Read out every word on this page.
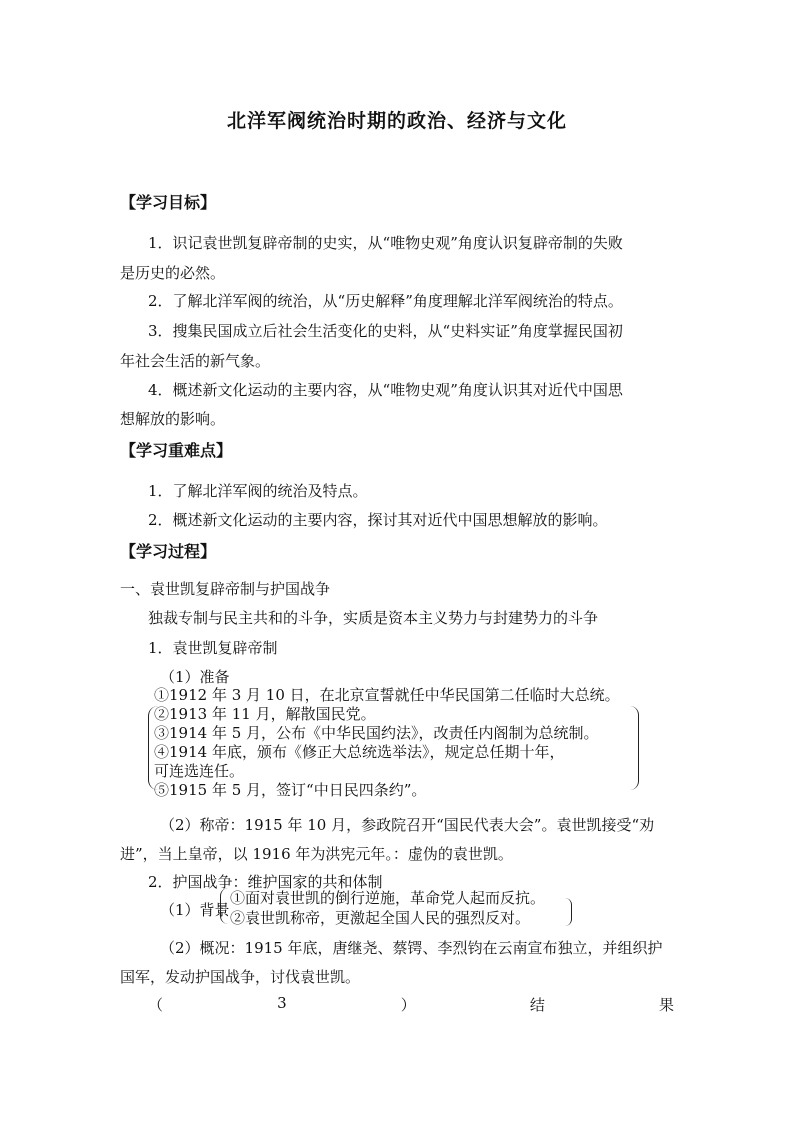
北洋军阀统治时期的政治、经济与文化
【学习目标】
1．识记袁世凯复辟帝制的史实，从“唯物史观”角度认识复辟帝制的失败
是历史的必然。
2．了解北洋军阀的统治，从“历史解释”角度理解北洋军阀统治的特点。
3．搜集民国成立后社会生活变化的史料，从“史料实证”角度掌握民国初
年社会生活的新气象。
4．概述新文化运动的主要内容，从“唯物史观”角度认识其对近代中国思
想解放的影响。
【学习重难点】
1．了解北洋军阀的统治及特点。
2．概述新文化运动的主要内容，探讨其对近代中国思想解放的影响。
【学习过程】
一、袁世凯复辟帝制与护国战争
独裁专制与民主共和的斗争，实质是资本主义势力与封建势力的斗争
1．袁世凯复辟帝制
（1）准备
①1912 年 3 月 10 日，在北京宣誓就任中华民国第二任临时大总统。
②1913 年 11 月，解散国民党。
③1914 年 5 月，公布《中华民国约法》，改责任内阁制为总统制。
④1914 年底，颁布《修正大总统选举法》，规定总任期十年，
可连选连任。
⑤1915 年 5 月，签订“中日民四条约”。
（2）称帝：1915 年 10 月，参政院召开“国民代表大会”。袁世凯接受“劝
进”，当上皇帝，以 1916 年为洪宪元年。：虚伪的袁世凯。
2．护国战争：维护国家的共和体制
（1）背景
①面对袁世凯的倒行逆施，革命党人起而反抗。
②袁世凯称帝，更激起全国人民的强烈反对。
（2）概况：1915 年底，唐继尧、蔡锷、李烈钧在云南宣布独立，并组织护
国军，发动护国战争，讨伐袁世凯。
（	3	）	结	果
